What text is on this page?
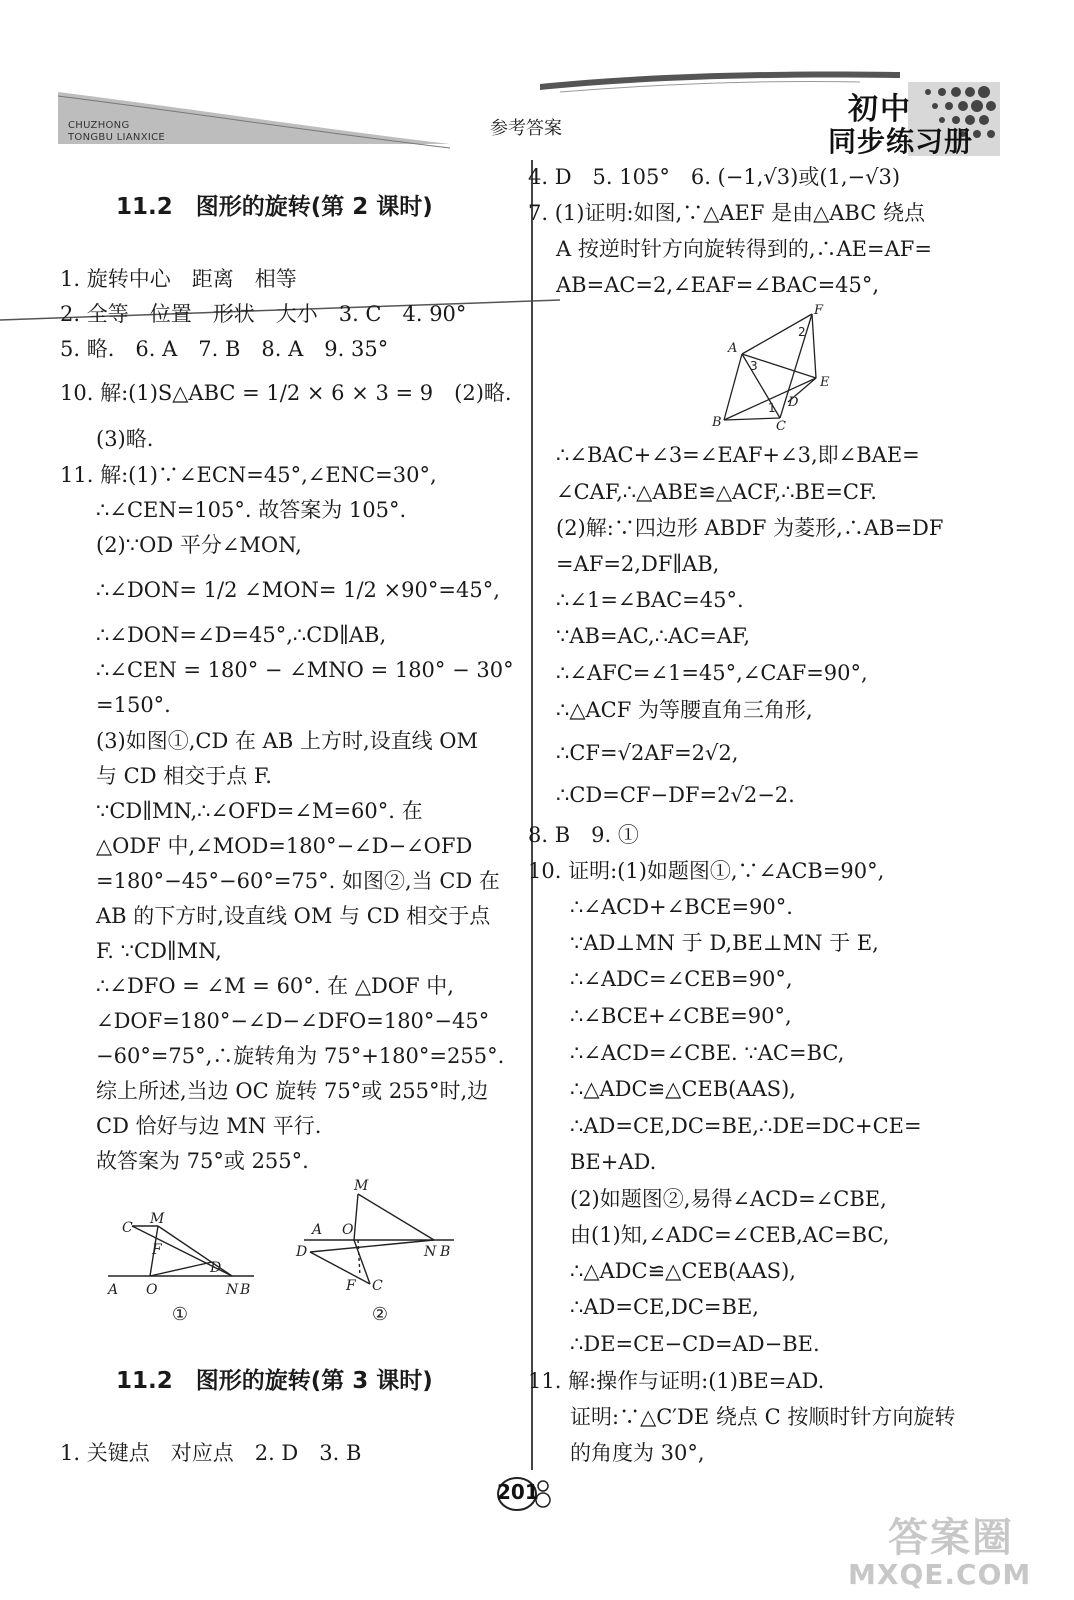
CHUZHONG
TONGBU LIANXICE	参考答案
初中
同步练习册
11.2　图形的旋转(第 2 课时)
1. 旋转中心　距离　相等
2. 全等　位置　形状　大小　3. C　4. 90°
5. 略.　6. A　7. B　8. A　9. 35°
10. 解:(1)S△ABC = 1/2 × 6 × 3 = 9　(2)略.
(3)略.
11. 解:(1)∵∠ECN=45°,∠ENC=30°,
∴∠CEN=105°. 故答案为 105°.
(2)∵OD 平分∠MON,
∴∠DON= 1/2 ∠MON= 1/2 ×90°=45°,
∴∠DON=∠D=45°,∴CD∥AB,
∴∠CEN = 180° − ∠MNO = 180° − 30°
=150°.
(3)如图①,CD 在 AB 上方时,设直线 OM
与 CD 相交于点 F.
∵CD∥MN,∴∠OFD=∠M=60°. 在
△ODF 中,∠MOD=180°−∠D−∠OFD
=180°−45°−60°=75°. 如图②,当 CD 在
AB 的下方时,设直线 OM 与 CD 相交于点
F. ∵CD∥MN,
∴∠DFO = ∠M = 60°. 在 △DOF 中,
∠DOF=180°−∠D−∠DFO=180°−45°
−60°=75°,∴旋转角为 75°+180°=255°.
综上所述,当边 OC 旋转 75°或 255°时,边
CD 恰好与边 MN 平行.
故答案为 75°或 255°.
C
M
F
D
A O	N B
①
M
A O
D	N B
F C
②
11.2　图形的旋转(第 3 课时)
1. 关键点　对应点　2. D　3. B
4. D　5. 105°　6. (−1,√3)或(1,−√3)
7. (1)证明:如图,∵△AEF 是由△ABC 绕点
A 按逆时针方向旋转得到的,∴AE=AF=
AB=AC=2,∠EAF=∠BAC=45°,
A
B	C
D
E
F
2
3
1
∴∠BAC+∠3=∠EAF+∠3,即∠BAE=
∠CAF,∴△ABE≌△ACF,∴BE=CF.
(2)解:∵四边形 ABDF 为菱形,∴AB=DF
=AF=2,DF∥AB,
∴∠1=∠BAC=45°.
∵AB=AC,∴AC=AF,
∴∠AFC=∠1=45°,∠CAF=90°,
∴△ACF 为等腰直角三角形,
∴CF=√2AF=2√2,
∴CD=CF−DF=2√2−2.
8. B　9. ①
10. 证明:(1)如题图①,∵∠ACB=90°,
∴∠ACD+∠BCE=90°.
∵AD⊥MN 于 D,BE⊥MN 于 E,
∴∠ADC=∠CEB=90°,
∴∠BCE+∠CBE=90°,
∴∠ACD=∠CBE. ∵AC=BC,
∴△ADC≌△CEB(AAS),
∴AD=CE,DC=BE,∴DE=DC+CE=
BE+AD.
(2)如题图②,易得∠ACD=∠CBE,
由(1)知,∠ADC=∠CEB,AC=BC,
∴△ADC≌△CEB(AAS),
∴AD=CE,DC=BE,
∴DE=CE−CD=AD−BE.
11. 解:操作与证明:(1)BE=AD.
证明:∵△C′DE 绕点 C 按顺时针方向旋转
的角度为 30°,
201
答案圈
MXQE.COM
